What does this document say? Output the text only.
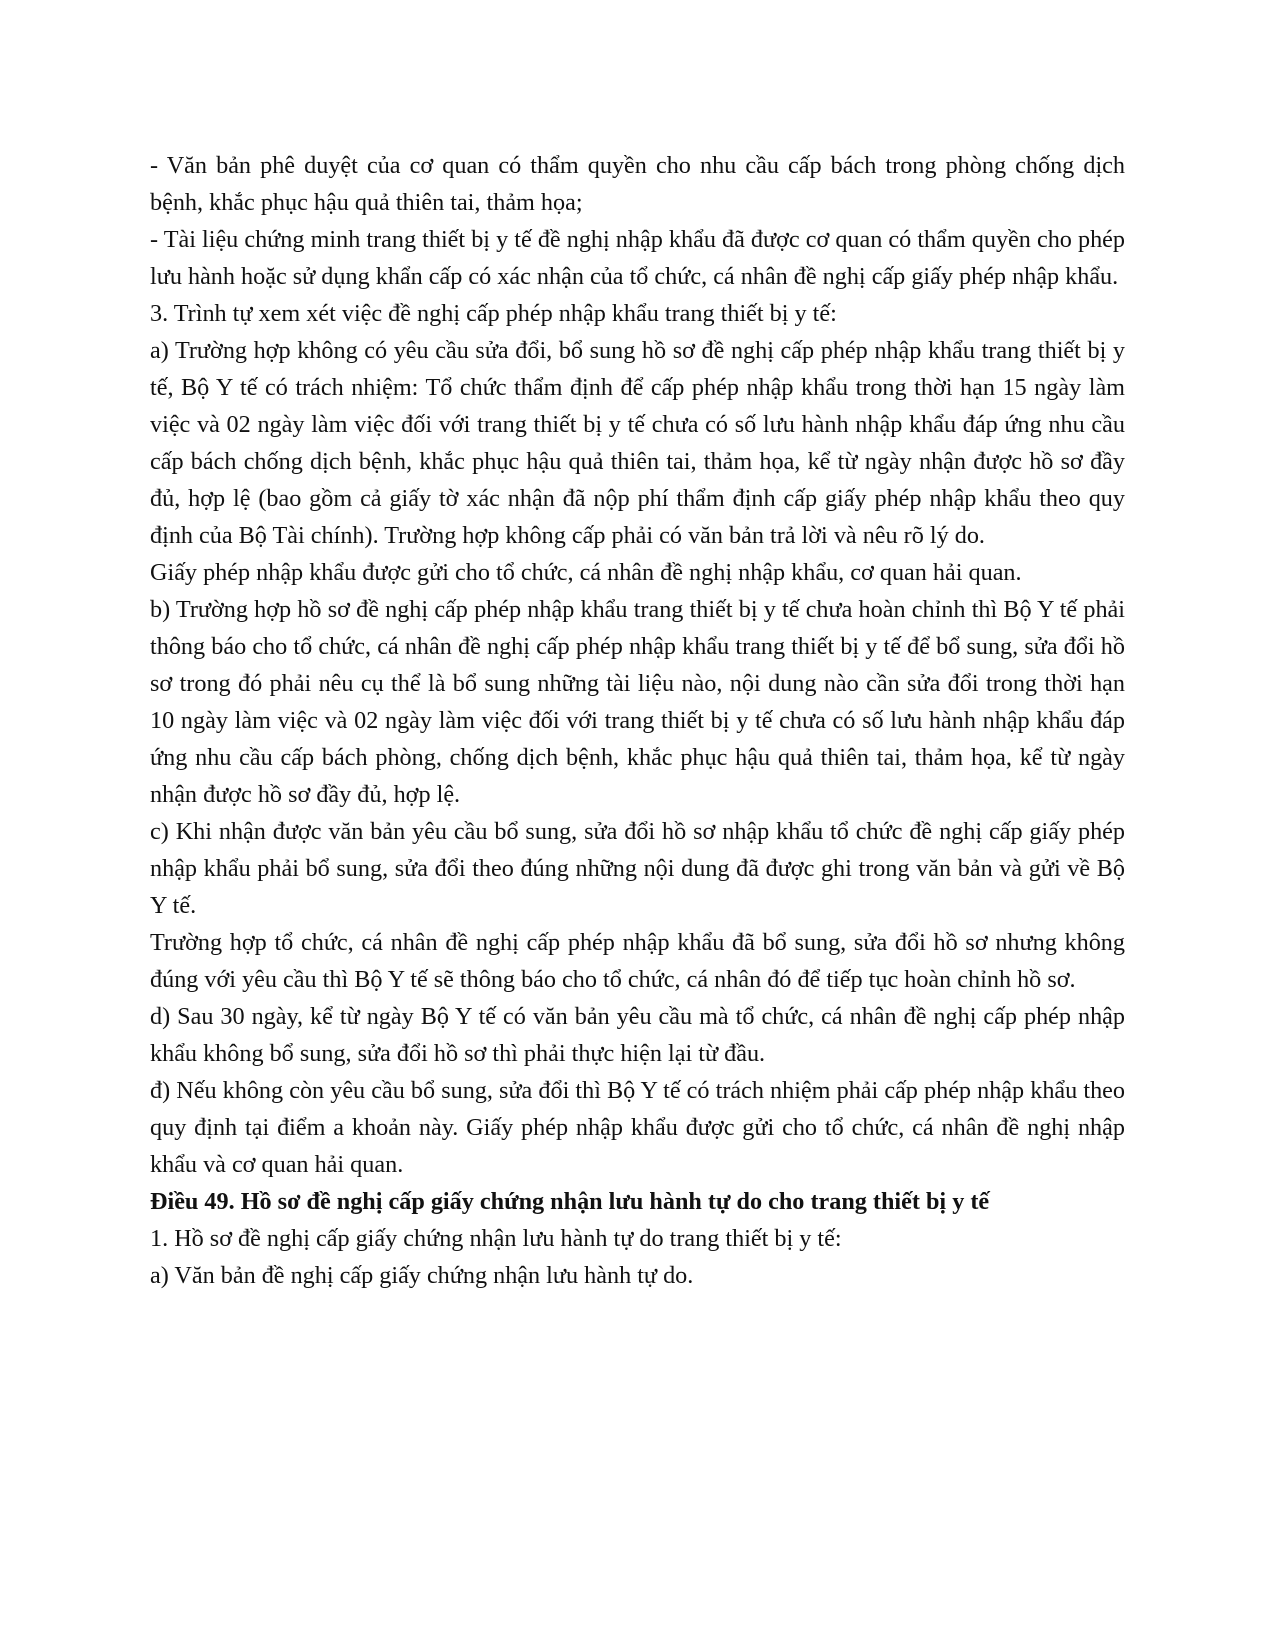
- Văn bản phê duyệt của cơ quan có thẩm quyền cho nhu cầu cấp bách trong phòng chống dịch bệnh, khắc phục hậu quả thiên tai, thảm họa;

- Tài liệu chứng minh trang thiết bị y tế đề nghị nhập khẩu đã được cơ quan có thẩm quyền cho phép lưu hành hoặc sử dụng khẩn cấp có xác nhận của tổ chức, cá nhân đề nghị cấp giấy phép nhập khẩu.

3. Trình tự xem xét việc đề nghị cấp phép nhập khẩu trang thiết bị y tế:

a) Trường hợp không có yêu cầu sửa đổi, bổ sung hồ sơ đề nghị cấp phép nhập khẩu trang thiết bị y tế, Bộ Y tế có trách nhiệm: Tổ chức thẩm định để cấp phép nhập khẩu trong thời hạn 15 ngày làm việc và 02 ngày làm việc đối với trang thiết bị y tế chưa có số lưu hành nhập khẩu đáp ứng nhu cầu cấp bách chống dịch bệnh, khắc phục hậu quả thiên tai, thảm họa, kể từ ngày nhận được hồ sơ đầy đủ, hợp lệ (bao gồm cả giấy tờ xác nhận đã nộp phí thẩm định cấp giấy phép nhập khẩu theo quy định của Bộ Tài chính). Trường hợp không cấp phải có văn bản trả lời và nêu rõ lý do.

Giấy phép nhập khẩu được gửi cho tổ chức, cá nhân đề nghị nhập khẩu, cơ quan hải quan.

b) Trường hợp hồ sơ đề nghị cấp phép nhập khẩu trang thiết bị y tế chưa hoàn chỉnh thì Bộ Y tế phải thông báo cho tổ chức, cá nhân đề nghị cấp phép nhập khẩu trang thiết bị y tế để bổ sung, sửa đổi hồ sơ trong đó phải nêu cụ thể là bổ sung những tài liệu nào, nội dung nào cần sửa đổi trong thời hạn 10 ngày làm việc và 02 ngày làm việc đối với trang thiết bị y tế chưa có số lưu hành nhập khẩu đáp ứng nhu cầu cấp bách phòng, chống dịch bệnh, khắc phục hậu quả thiên tai, thảm họa, kể từ ngày nhận được hồ sơ đầy đủ, hợp lệ.

c) Khi nhận được văn bản yêu cầu bổ sung, sửa đổi hồ sơ nhập khẩu tổ chức đề nghị cấp giấy phép nhập khẩu phải bổ sung, sửa đổi theo đúng những nội dung đã được ghi trong văn bản và gửi về Bộ Y tế.

Trường hợp tổ chức, cá nhân đề nghị cấp phép nhập khẩu đã bổ sung, sửa đổi hồ sơ nhưng không đúng với yêu cầu thì Bộ Y tế sẽ thông báo cho tổ chức, cá nhân đó để tiếp tục hoàn chỉnh hồ sơ.

d) Sau 30 ngày, kể từ ngày Bộ Y tế có văn bản yêu cầu mà tổ chức, cá nhân đề nghị cấp phép nhập khẩu không bổ sung, sửa đổi hồ sơ thì phải thực hiện lại từ đầu.

đ) Nếu không còn yêu cầu bổ sung, sửa đổi thì Bộ Y tế có trách nhiệm phải cấp phép nhập khẩu theo quy định tại điểm a khoản này. Giấy phép nhập khẩu được gửi cho tổ chức, cá nhân đề nghị nhập khẩu và cơ quan hải quan.

Điều 49. Hồ sơ đề nghị cấp giấy chứng nhận lưu hành tự do cho trang thiết bị y tế

1. Hồ sơ đề nghị cấp giấy chứng nhận lưu hành tự do trang thiết bị y tế:

a) Văn bản đề nghị cấp giấy chứng nhận lưu hành tự do.
